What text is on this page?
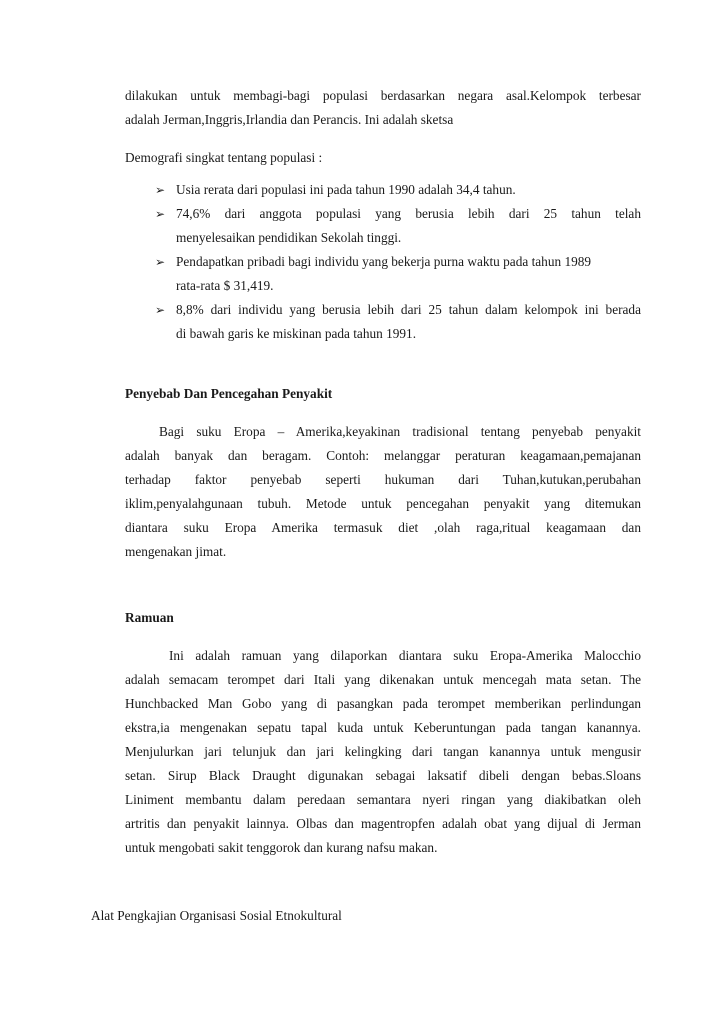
dilakukan untuk membagi-bagi populasi berdasarkan negara asal.Kelompok terbesar
adalah Jerman,Inggris,Irlandia dan Perancis. Ini adalah sketsa
Demografi singkat tentang populasi :
➢ Usia rerata dari populasi ini pada tahun 1990 adalah 34,4 tahun.
➢ 74,6% dari anggota populasi yang berusia lebih dari 25 tahun telah
menyelesaikan pendidikan Sekolah tinggi.
➢ Pendapatkan pribadi bagi individu yang bekerja purna waktu pada tahun 1989
rata-rata $ 31,419.
➢ 8,8% dari individu yang berusia lebih dari 25 tahun dalam kelompok ini berada
di bawah garis ke miskinan pada tahun 1991.
Penyebab Dan Pencegahan Penyakit
Bagi suku Eropa – Amerika,keyakinan tradisional tentang penyebab penyakit
adalah banyak dan beragam. Contoh: melanggar peraturan keagamaan,pemajanan
terhadap faktor penyebab seperti hukuman dari Tuhan,kutukan,perubahan
iklim,penyalahgunaan tubuh. Metode untuk pencegahan penyakit yang ditemukan
diantara suku Eropa Amerika termasuk diet ,olah raga,ritual keagamaan dan
mengenakan jimat.
Ramuan
Ini adalah ramuan yang dilaporkan diantara suku Eropa-Amerika Malocchio
adalah semacam terompet dari Itali yang dikenakan untuk mencegah mata setan. The
Hunchbacked Man Gobo yang di pasangkan pada terompet memberikan perlindungan
ekstra,ia mengenakan sepatu tapal kuda untuk Keberuntungan pada tangan kanannya.
Menjulurkan jari telunjuk dan jari kelingking dari tangan kanannya untuk mengusir
setan. Sirup Black Draught digunakan sebagai laksatif dibeli dengan bebas.Sloans
Liniment membantu dalam peredaan semantara nyeri ringan yang diakibatkan oleh
artritis dan penyakit lainnya. Olbas dan magentropfen adalah obat yang dijual di Jerman
untuk mengobati sakit tenggorok dan kurang nafsu makan.
Alat Pengkajian Organisasi Sosial Etnokultural
